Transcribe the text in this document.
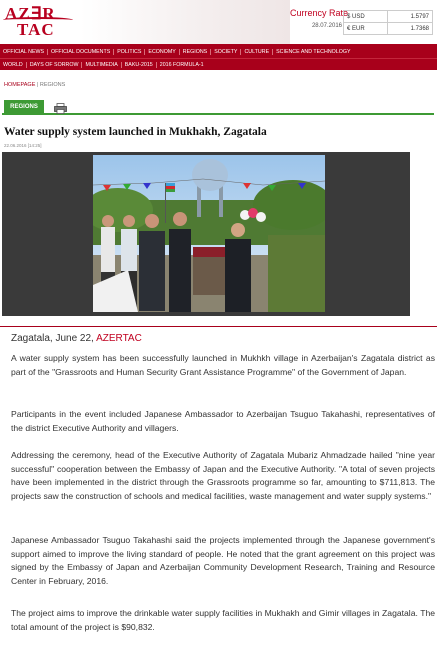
AZ∃R
TAC
Currency Rate
28.07.2016
$ USD	1.5797
€ EUR	1.7368
OFFICIAL NEWS	OFFICIAL DOCUMENTS	POLITICS	ECONOMY	REGIONS	SOCIETY	CULTURE	SCIENCE AND TECHNOLOGY
WORLD	DAYS OF SORROW	MULTIMEDIA	BAKU-2015	2016 FORMULA-1
HOMEPAGE | REGIONS
REGIONS
Water supply system launched in Mukhakh, Zagatala
22.06.2016 [14:25]
Zagatala, June 22, AZERTAC

A water supply system has been successfully launched in Mukhkh village in Azerbaijan's Zagatala district as part of the "Grassroots and Human Security Grant Assistance Programme" of the Government of Japan.

Participants in the event included Japanese Ambassador to Azerbaijan Tsuguo Takahashi, representatives of the district Executive Authority and villagers.

Addressing the ceremony, head of the Executive Authority of Zagatala Mubariz Ahmadzade hailed "nine year successful" cooperation between the Embassy of Japan and the Executive Authority. "A total of seven projects have been implemented in the district through the Grassroots programme so far, amounting to $711,813. The projects saw the construction of schools and medical facilities, waste management and water supply systems."

Japanese Ambassador Tsuguo Takahashi said the projects implemented through the Japanese government's support aimed to improve the living standard of people. He noted that the grant agreement on this project was signed by the Embassy of Japan and Azerbaijan Community Development Research, Training and Resource Center in February, 2016.

The project aims to improve the drinkable water supply facilities in Mukhakh and Gimir villages in Zagatala. The total amount of the project is $90,832.
